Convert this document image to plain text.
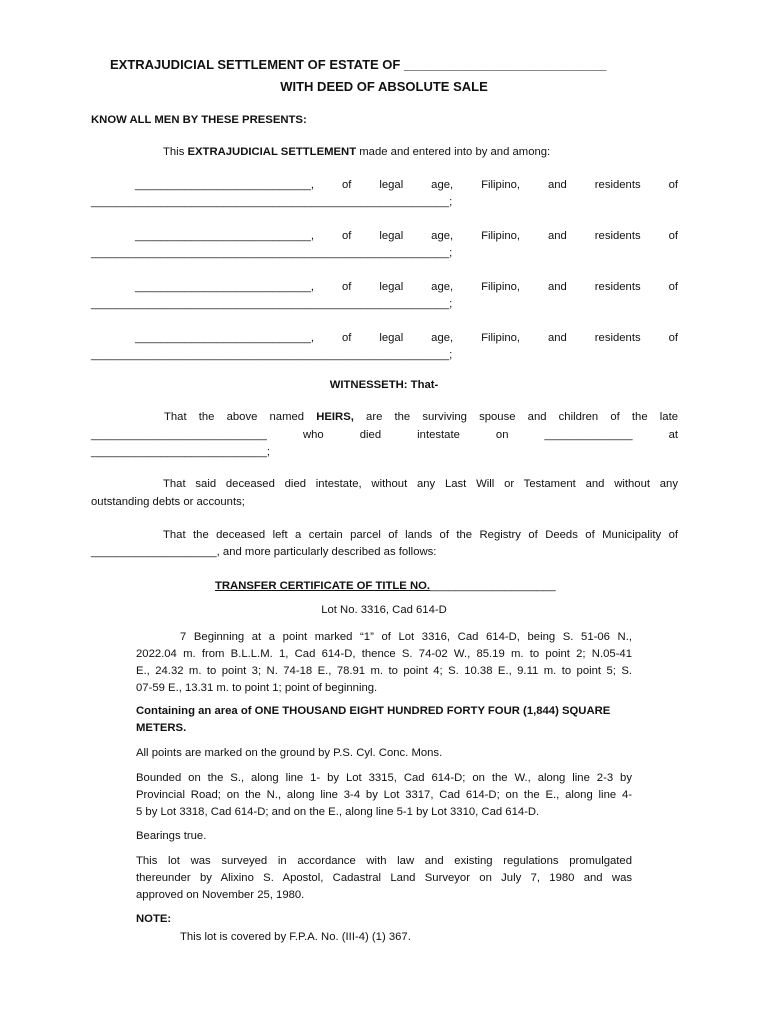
EXTRAJUDICIAL SETTLEMENT OF ESTATE OF ____________________________
WITH DEED OF ABSOLUTE SALE
KNOW ALL MEN BY THESE PRESENTS:
This EXTRAJUDICIAL SETTLEMENT made and entered into by and among:
____________________________, of legal age, Filipino, and residents of
_________________________________________________________;
____________________________, of legal age, Filipino, and residents of
_________________________________________________________;
____________________________, of legal age, Filipino, and residents of
_________________________________________________________;
____________________________, of legal age, Filipino, and residents of
_________________________________________________________;
WITNESSETH: That-
That the above named HEIRS, are the surviving spouse and children of the late
____________________________	who	died	intestate	on	______________	at
____________________________;
That said deceased died intestate, without any Last Will or Testament and without any
outstanding debts or accounts;
That the deceased left a certain parcel of lands of the Registry of Deeds of Municipality of
____________________, and more particularly described as follows:
TRANSFER CERTIFICATE OF TITLE NO.____________________
Lot No. 3316, Cad 614-D
7 Beginning at a point marked “1” of Lot 3316, Cad 614-D, being S. 51-06 N.,
2022.04 m. from B.L.L.M. 1, Cad 614-D, thence S. 74-02 W., 85.19 m. to point 2; N.05-41
E., 24.32 m. to point 3; N. 74-18 E., 78.91 m. to point 4; S. 10.38 E., 9.11 m. to point 5; S.
07-59 E., 13.31 m. to point 1; point of beginning.
Containing an area of ONE THOUSAND EIGHT HUNDRED FORTY FOUR (1,844) SQUARE
METERS.
All points are marked on the ground by P.S. Cyl. Conc. Mons.
Bounded on the S., along line 1- by Lot 3315, Cad 614-D; on the W., along line 2-3 by
Provincial Road; on the N., along line 3-4 by Lot 3317, Cad 614-D; on the E., along line 4-
5 by Lot 3318, Cad 614-D; and on the E., along line 5-1 by Lot 3310, Cad 614-D.
Bearings true.
This lot was surveyed in accordance with law and existing regulations promulgated
thereunder by Alixino S. Apostol, Cadastral Land Surveyor on July 7, 1980 and was
approved on November 25, 1980.
NOTE:
This lot is covered by F.P.A. No. (III-4) (1) 367.
